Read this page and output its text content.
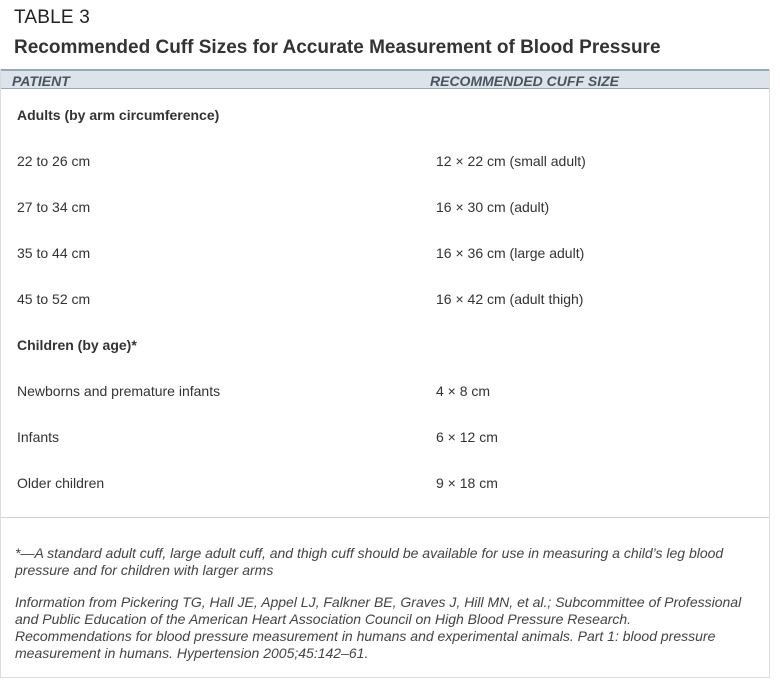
TABLE 3
Recommended Cuff Sizes for Accurate Measurement of Blood Pressure
PATIENT	RECOMMENDED CUFF SIZE
Adults (by arm circumference)
22 to 26 cm	12 × 22 cm (small adult)
27 to 34 cm	16 × 30 cm (adult)
35 to 44 cm	16 × 36 cm (large adult)
45 to 52 cm	16 × 42 cm (adult thigh)
Children (by age)*
Newborns and premature infants	4 × 8 cm
Infants	6 × 12 cm
Older children	9 × 18 cm
*—A standard adult cuff, large adult cuff, and thigh cuff should be available for use in measuring a child’s leg blood pressure and for children with larger arms
Information from Pickering TG, Hall JE, Appel LJ, Falkner BE, Graves J, Hill MN, et al.; Subcommittee of Professional and Public Education of the American Heart Association Council on High Blood Pressure Research. Recommendations for blood pressure measurement in humans and experimental animals. Part 1: blood pressure measurement in humans. Hypertension 2005;45:142–61.
